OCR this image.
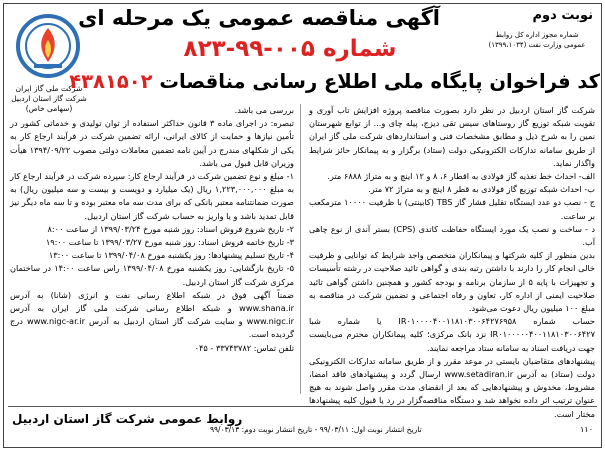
شرکت ملی گاز ایران
شرکت گاز استان اردبیل
(سهامی خاص)
آگهی مناقصه عمومی یک مرحله ای
شماره ۰۰۵-۹۹-۸۲۳
نوبت دوم
شماره مجوز اداره کل روابط
عمومی وزارت نفت (۱۳۹۹،۱۰۳۴)
کد فراخوان پایگاه ملی اطلاع رسانی مناقصات ۴۳۸۱۵۰۲

شرکت گاز استان اردبیل در نظر دارد بصورت مناقصه پروژه افزایش تاب آوری و تقویت شبکه توزیع گاز روستاهای سیس تقی دیزج، پیله چای و... از توابع شهرستان نمین را به شرح ذیل و مطابق مشخصات فنی و استانداردهای شرکت ملی گاز ایران از طریق سامانه تدارکات الکترونیکی دولت (ستاد) برگزار و به پیمانکار حائز شرایط واگذار نماید.

الف- احداث خط تغذیه گاز فولادی به اقطار ۶، ۸ و ۱۲ اینچ و به متراژ ۶۸۸۸ متر.

ب- احداث شبکه توزیع گاز فولادی به قطر ۸ اینچ و به متراژ ۷۲ متر.

ج - نصب دو عدد ایستگاه تقلیل فشار گاز TBS (کابینتی) با ظرفیت ۱۰۰۰۰ مترمکعب بر ساعت.

د - ساخت و نصب یک مورد ایستگاه حفاظت کاتدی (CPS) بستر آندی از نوع چاهی آب.

بدین منظور از کلیه شرکتها و پیمانکاران متخصص واجد شرایط که توانایی و ظرفیت خالی انجام کار را دارند با داشتن رتبه بندی و گواهی تائید صلاحیت در رشته تأسیسات و تجهیزات با پایه ۵ از سازمان برنامه و بودجه کشور و همچنین داشتن گواهی تائید صلاحیت ایمنی از اداره کار، تعاون و رفاه اجتماعی و تضمین شرکت در مناقصه به مبلغ ۱۰۰ میلیون ریال دعوت می‌شود.

حساب شماره IR۰۱۰۰۰۰۴۰۰۱۱۸۱۰۳۰۰۶۴۲۷۶۹۵۸ یا شماره شبا IR۰۱۰۰۰۰۰۴۰۰۱۱۸۱۰۳۰۰۶۴۲۷ نزد بانک مرکزی؛ کلیه پیمانکاران محترم می‌بایست جهت دریافت اسناد به سامانه ستاد مراجعه نمایند.

پیشنهادهای متقاضیان بایستی در موعد مقرر و از طریق سامانه تدارکات الکترونیکی دولت (ستاد) به آدرس www.setadiran.ir ارسال گردد و پیشنهادهای فاقد امضا، مشروط، مخدوش و پیشنهادهایی که بعد از انقضای مدت مقرر واصل شوند به هیچ عنوان ترتیب اثر داده نخواهد شد و دستگاه مناقصه‌گزار در رد یا قبول کلیه پیشنهادها مختار است.

بررسی می باشد.

تبصره: در اجرای ماده ۳ قانون حداکثر استفاده از توان تولیدی و خدماتی کشور در تأمین نیازها و حمایت از کالای ایرانی، ارائه تضمین شرکت در فرآیند ارجاع کار به یکی از شکلهای مندرج در آیین نامه تضمین معاملات دولتی مصوب ۱۳۹۴/۰۹/۲۲ هیأت وزیران قابل قبول می باشد.

۱- مبلغ و نوع تضمین شرکت در فرآیند ارجاع کار: سپرده شرکت در فرآیند ارجاع کار به مبلغ ۱,۲۲۳,۰۰۰,۰۰۰ ریال (یک میلیارد و دویست و بیست و سه میلیون ریال) به صورت ضمانتنامه معتبر بانکی که برای مدت سه ماه معتبر بوده و تا سه ماه دیگر نیز قابل تمدید باشد و یا واریز به حساب شرکت گاز استان اردبیل.

۲- تاریخ شروع فروش اسناد: روز شنبه مورخ ۱۳۹۹/۰۳/۲۴ از ساعت ۸:۰۰

۳- تاریخ خاتمه فروش اسناد: روز شنبه مورخ ۱۳۹۹/۰۳/۲۷ تا ساعت ۱۹:۰۰

۴- تاریخ تسلیم پیشنهادها: روز یکشنبه مورخ ۱۳۹۹/۰۴/۰۸ تا ساعت ۱۳:۰۰

۵- تاریخ بازگشایی: روز یکشنبه مورخ ۱۳۹۹/۰۴/۰۸ راس ساعت ۱۴:۰۰ در ساختمان مرکزی شرکت گاز استان اردبیل.

ضمناً آگهی فوق در شبکه اطلاع رسانی نفت و انرژی (شانا) به آدرس www.shana.ir و شبکه اطلاع رسانی شرکت ملی گاز ایران به آدرس www.nigc.ir و سایت شرکت گاز استان اردبیل به آدرس www.nigc-ar.ir درج گردیده است.

تلفن تماس: ۳۳۷۴۳۷۸۲ - ۰۴۵

روابط عمومی شرکت گاز استان اردبیل
تاریخ انتشار نوبت اول: ۹۹/۰۳/۱۱ - تاریخ انتشار نوبت دوم: ۹۹/۰۳/۱۳	۱۱۰
